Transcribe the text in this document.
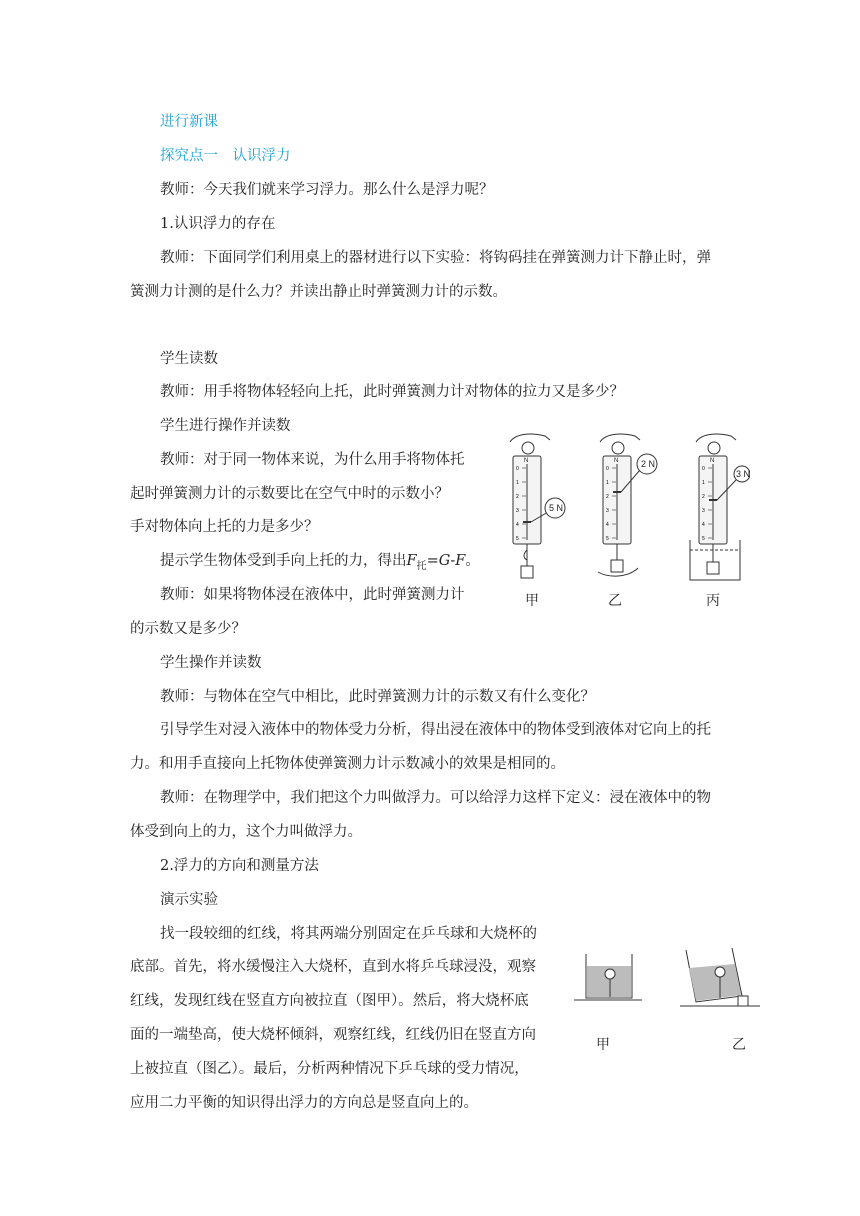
进行新课
探究点一　认识浮力
教师：今天我们就来学习浮力。那么什么是浮力呢？
1.认识浮力的存在
教师：下面同学们利用桌上的器材进行以下实验：将钩码挂在弹簧测力计下静止时，弹
簧测力计测的是什么力？并读出静止时弹簧测力计的示数。
学生读数
教师：用手将物体轻轻向上托，此时弹簧测力计对物体的拉力又是多少？
学生进行操作并读数
教师：对于同一物体来说，为什么用手将物体托
起时弹簧测力计的示数要比在空气中时的示数小？
手对物体向上托的力是多少？
提示学生物体受到手向上托的力，得出$F_托=G-F$。
教师：如果将物体浸在液体中，此时弹簧测力计
的示数又是多少？
学生操作并读数
教师：与物体在空气中相比，此时弹簧测力计的示数又有什么变化？
引导学生对浸入液体中的物体受力分析，得出浸在液体中的物体受到液体对它向上的托
力。和用手直接向上托物体使弹簧测力计示数减小的效果是相同的。
教师：在物理学中，我们把这个力叫做浮力。可以给浮力这样下定义：浸在液体中的物
体受到向上的力，这个力叫做浮力。
2.浮力的方向和测量方法
演示实验
找一段较细的红线，将其两端分别固定在乒乓球和大烧杯的
底部。首先，将水缓慢注入大烧杯，直到水将乒乓球浸没，观察
红线，发现红线在竖直方向被拉直（图甲）。然后，将大烧杯底
面的一端垫高，使大烧杯倾斜，观察红线，红线仍旧在竖直方向
上被拉直（图乙）。最后，分析两种情况下乒乓球的受力情况，
应用二力平衡的知识得出浮力的方向总是竖直向上的。
5 N
2 N
3 N
N	N	N
0
1
2
3
4
5
0
1
2
3
4
5
0
1
2
3
4
5
甲	乙	丙
甲	乙
